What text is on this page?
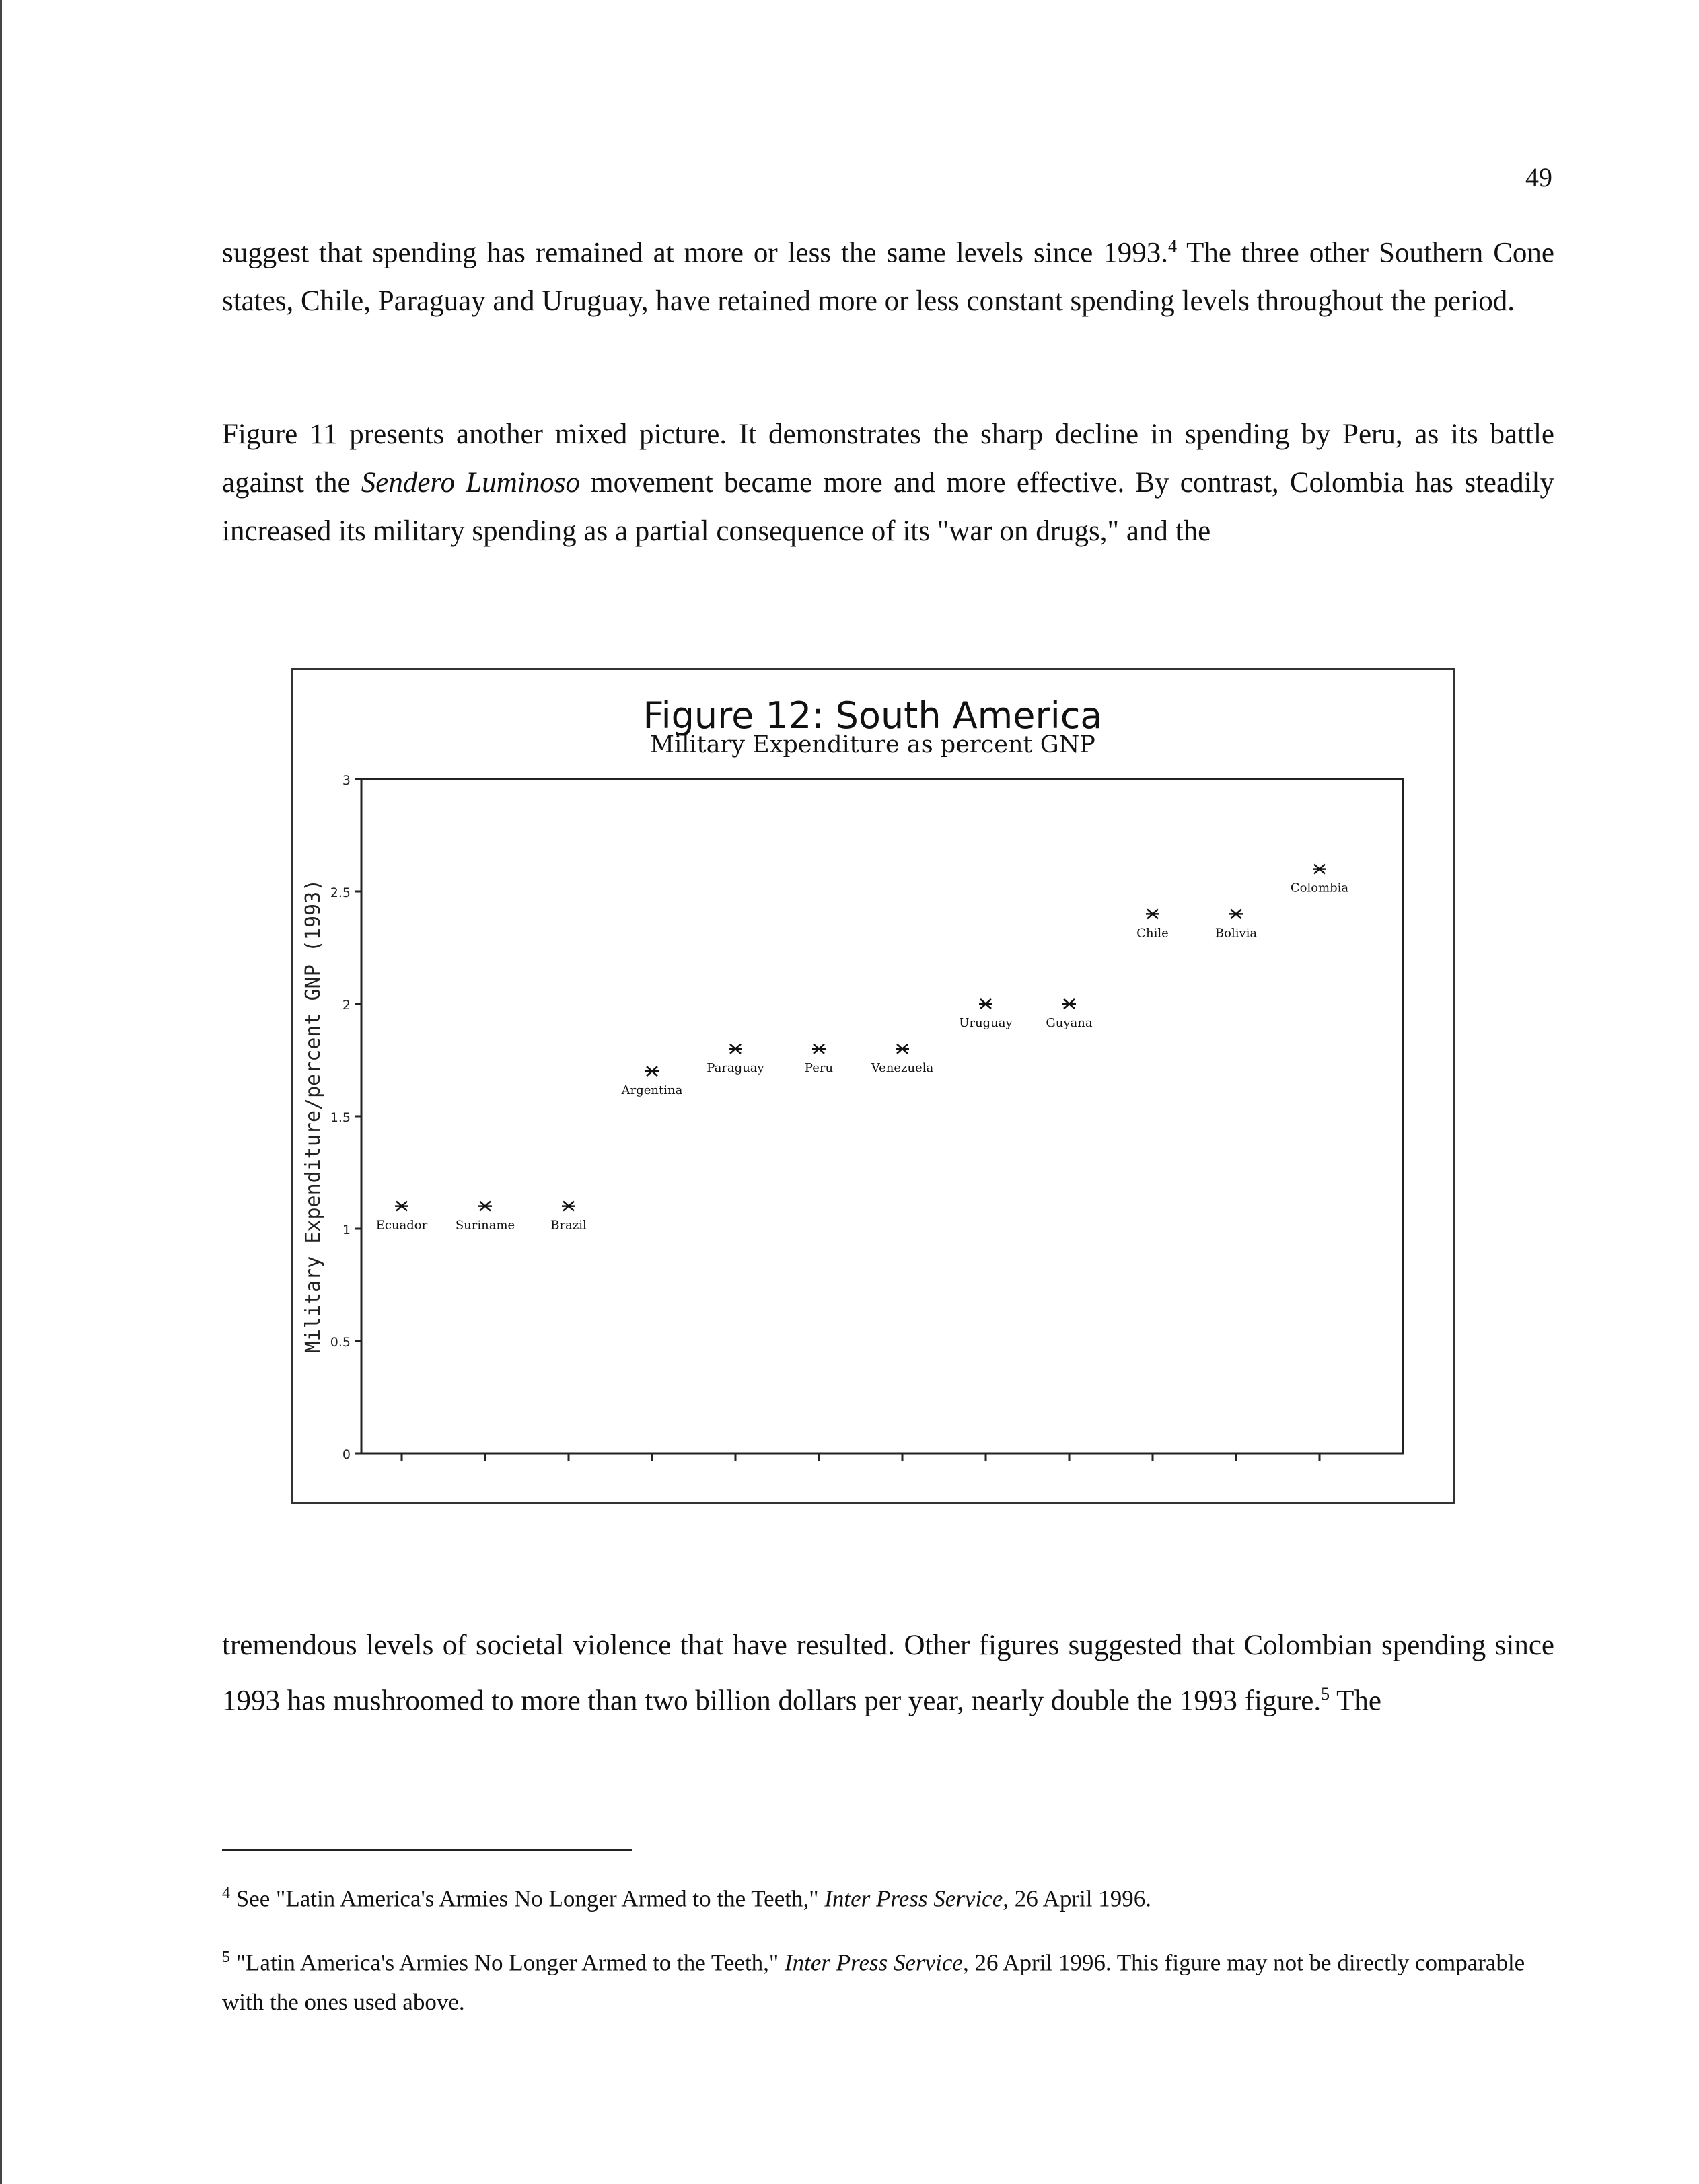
49

suggest that spending has remained at more or less the same levels since 1993.$^4$ The three other Southern Cone states, Chile, Paraguay and Uruguay, have retained more or less constant spending levels throughout the period.

Figure 11 presents another mixed picture. It demonstrates the sharp decline in spending by Peru, as its battle against the Sendero Luminoso movement became more and more effective. By contrast, Colombia has steadily increased its military spending as a partial consequence of its "war on drugs," and the

Figure 12: South America
Military Expenditure as percent GNP
Military Expenditure/percent GNP (1993)
0
0.5
1
1.5
2
2.5
3
Ecuador Suriname	Brazil
Argentina
Paraguay	Peru	Venezuela
Uruguay	Guyana
Chile	Bolivia
Colombia

tremendous levels of societal violence that have resulted. Other figures suggested that Colombian spending since 1993 has mushroomed to more than two billion dollars per year, nearly double the 1993 figure.$^5$ The

$^4$ See "Latin America's Armies No Longer Armed to the Teeth," Inter Press Service, 26 April 1996.

$^5$ "Latin America's Armies No Longer Armed to the Teeth," Inter Press Service, 26 April 1996. This figure may not be directly comparable with the ones used above.
